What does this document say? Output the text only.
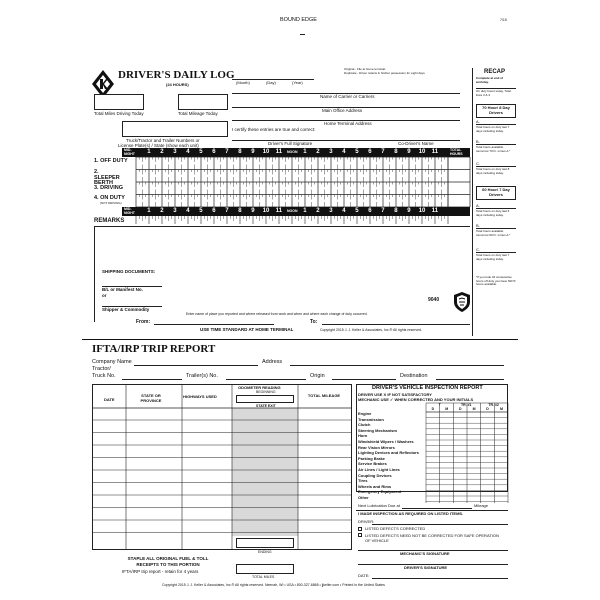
BOUND EDGE	7/15
DRIVER'S DAILY LOG
(24 HOURS)	(Month)	(Day)	(Year)
Original - File at home terminal.
Duplicate - Driver retains in his/her possession for eight days
Name of Carrier or Carriers
Total Miles Driving Today	Total Mileage Today
Main Office Address
I certify these entries are true and correct:
Home Terminal Address
Truck/Tractor and Trailer Numbers or
License Plate(s) / State (show each unit)	Driver's Full Signature	Co-Driver's Name
MID-NIGHT
TOTAL HOURS
1. OFF DUTY
2. SLEEPER BERTH
3. DRIVING
4. ON DUTY
(NOT DRIVING)
MID-NIGHT
REMARKS
SHIPPING DOCUMENTS:
B/L or Manifest No.
or
Shipper & Commodity
From:	To:
9040
Enter name of place you reported and where released from work and when and where each change of duty occurred.
USE TIME STANDARD AT HOME TERMINAL	Copyright 2015 J. J. Keller & Associates, Inc.® All rights reserved.
RECAP
Complete at end of workday.
On duty hours today, Total lines 3 & 4
70 Hour/ 8 Day Drivers
A.
Total hours on duty last 7 days including today.
B.
Total hours available tomorrow 70 hr. minus A.*
C.
Total hours on duty last 8 days including today.
60 Hour/ 7 Day Drivers
A.
Total hours on duty last 6 days including today.
B.
Total hours available tomorrow 60 hr. minus A.*
C.
Total hours on duty last 7 days including today.
*If you took 34 consecutive hours off duty you have 60/70 hours available.
IFTA/IRP TRIP REPORT
Company Name	Address
Tractor/
Truck No.	Trailer(s) No.	Origin	Destination
DATE
STATE OR PROVINCE
HIGHWAYS USED
ODOMETER READING
BEGINNING
STATE EXIT
TOTAL MILEAGE
ENDING
TOTAL MILES
STAPLE ALL ORIGINAL FUEL & TOLL RECEIPTS TO THIS PORTION
IFTA/IRP trip report - retain for 4 years
DRIVER'S VEHICLE INSPECTION REPORT
DRIVER USE X IF NOT SATISFACTORY
MECHANIC USE ✓ WHEN CORRECTED AND YOUR INITIALS
Next Lubrication Due at	Mileage
I MADE INSPECTION AS REQUIRED ON LISTED ITEMS.
DRIVER:
LISTED DEFECTS CORRECTED
LISTED DEFECTS NEED NOT BE CORRECTED FOR SAFE OPERATION OF VEHICLE
MECHANIC'S SIGNATURE
DRIVER'S SIGNATURE
DATE:
Copyright 2015 J. J. Keller & Associates, Inc.® All rights reserved. Neenah, WI • USA • 800-327-6868 • jjkeller.com • Printed in the United States
1 2 3 4 5 6 7 8 9 10 11 NOON 1 2 3 4 5 6 7 8 9 10 11
1 2 3 4 5 6 7 8 9 10 11 NOON 1 2 3 4 5 6 7 8 9 10 11
Engine
Transmission
Clutch
Steering Mechanism
Horn
Windshield Wipers / Washers
Rear Vision Mirrors
Lighting Devices and Reflectors
Parking Brake
Service Brakes
Air Lines / Light Lines
Coupling Devices
Tires
Wheels and Rims
Emergency Equipment
Other
T	TR. #1	TR. #2
D	M	D	M	D	M
